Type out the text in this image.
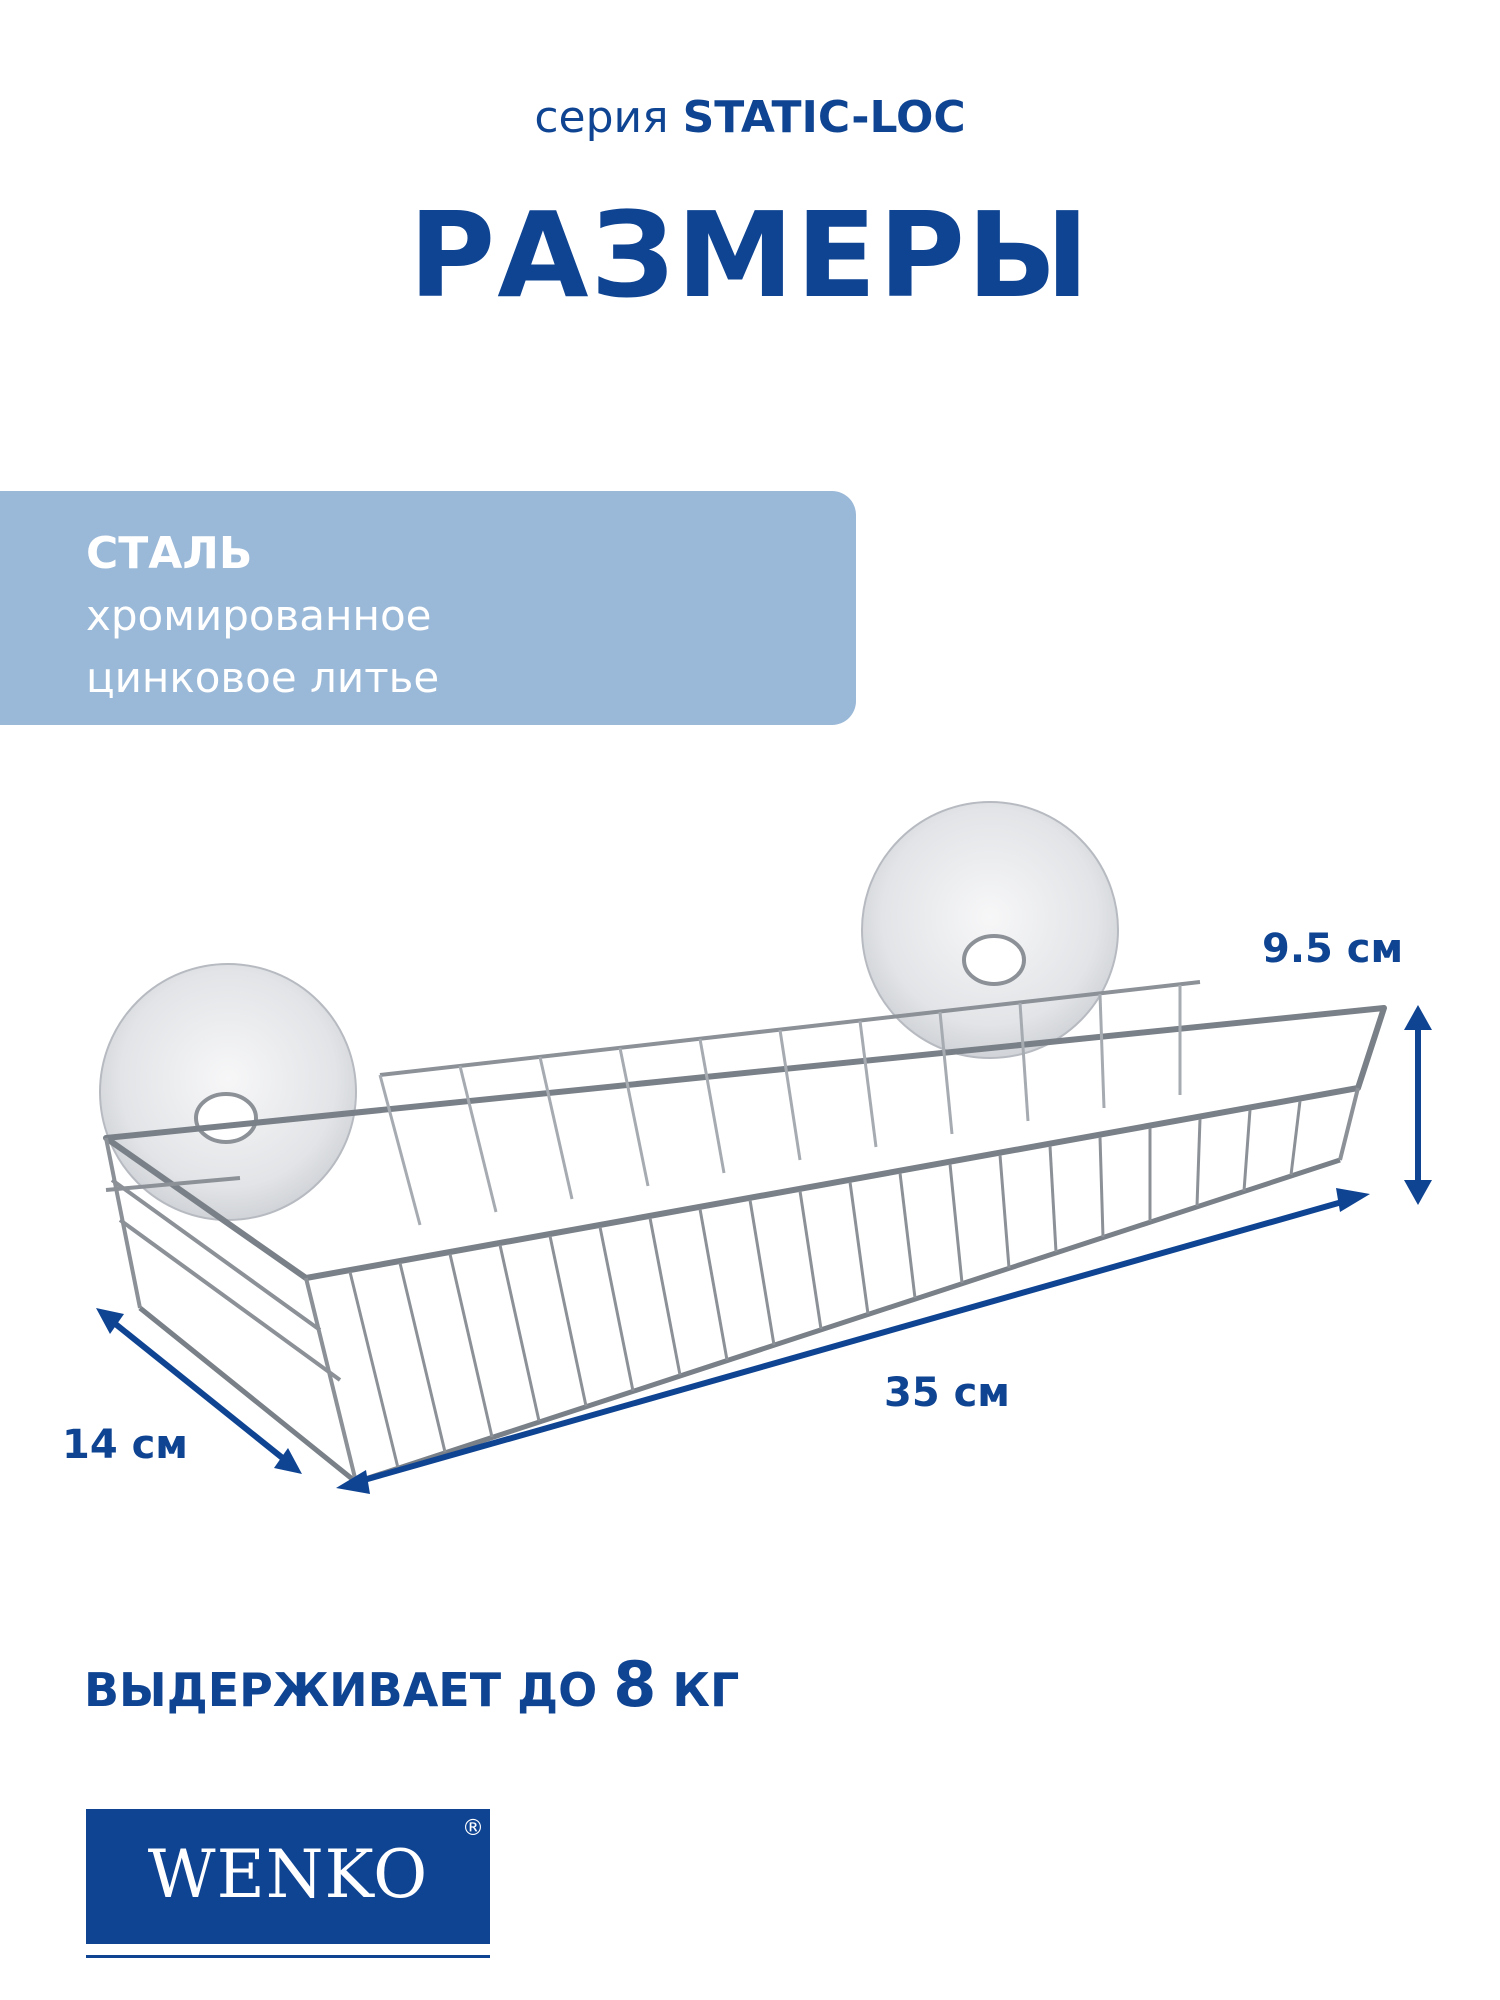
серия STATIC-LOC
РАЗМЕРЫ
СТАЛЬ
хромированное
цинковое литье
9.5 см
35 см
14 см
ВЫДЕРЖИВАЕТ ДО 8 КГ
WENKO
®
